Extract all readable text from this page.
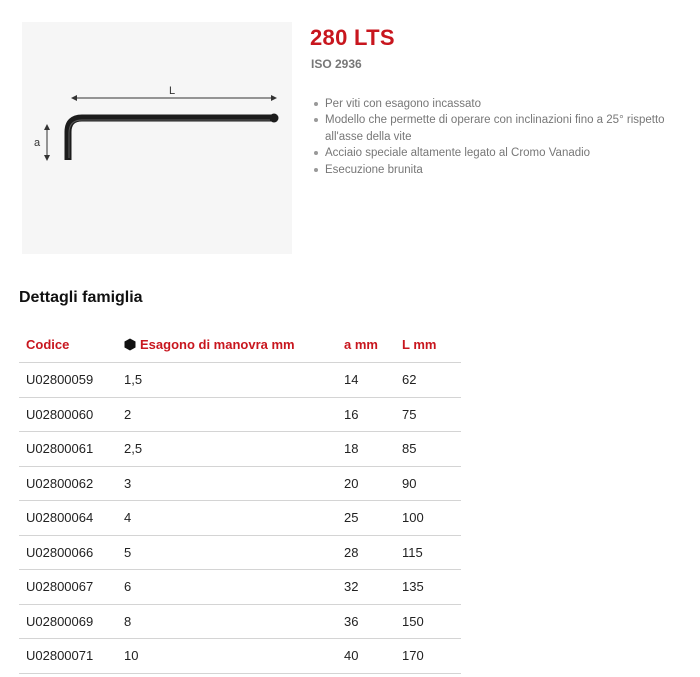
L
a
280 LTS
ISO 2936
Per viti con esagono incassato
Modello che permette di operare con inclinazioni fino a 25° rispetto all'asse della vite
Acciaio speciale altamente legato al Cromo Vanadio
Esecuzione brunita
Dettagli famiglia
Codice	Esagono di manovra mm	a mm	L mm
U02800059	1,5	14	62
U02800060	2	16	75
U02800061	2,5	18	85
U02800062	3	20	90
U02800064	4	25	100
U02800066	5	28	115
U02800067	6	32	135
U02800069	8	36	150
U02800071	10	40	170
